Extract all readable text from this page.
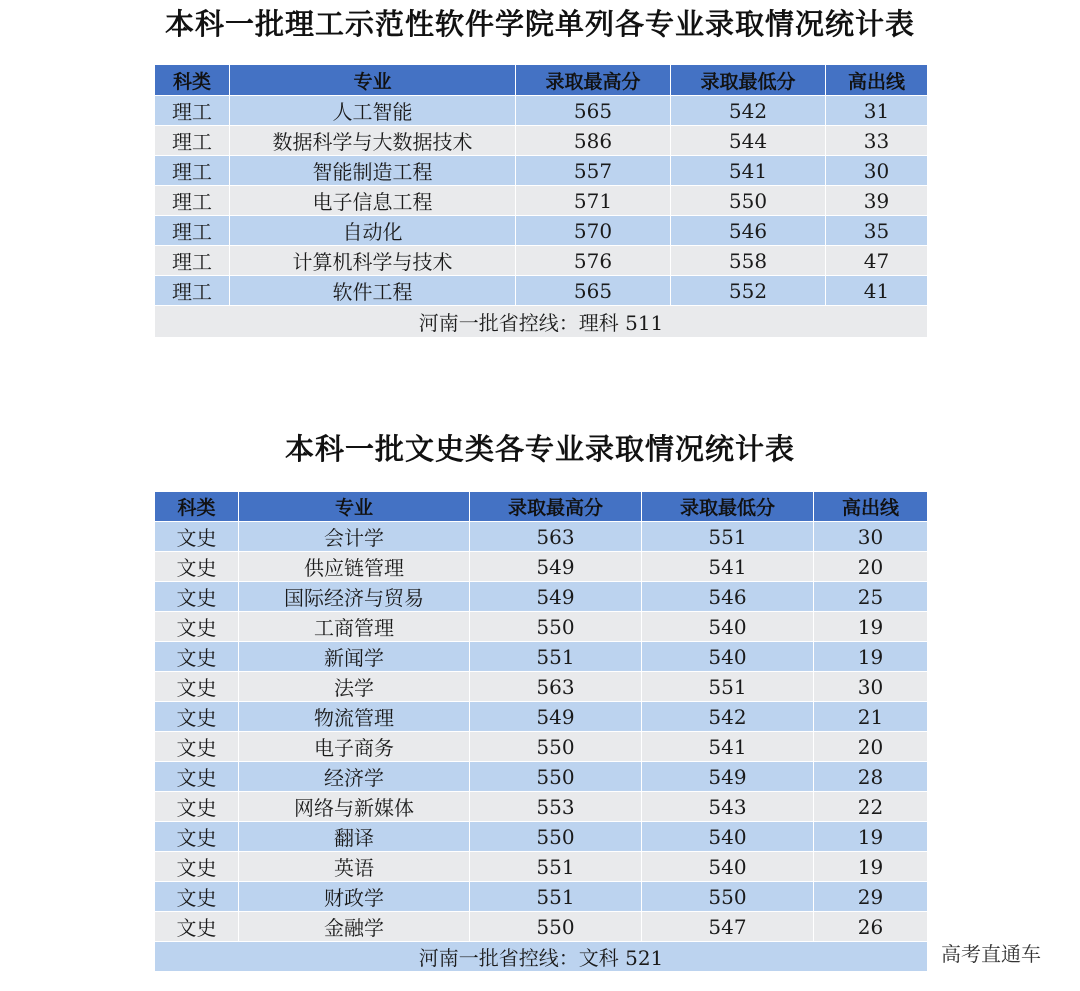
本科一批理工示范性软件学院单列各专业录取情况统计表
科类	专业	录取最高分	录取最低分	高出线
理工	人工智能	565	542	31
理工	数据科学与大数据技术	586	544	33
理工	智能制造工程	557	541	30
理工	电子信息工程	571	550	39
理工	自动化	570	546	35
理工	计算机科学与技术	576	558	47
理工	软件工程	565	552	41
河南一批省控线：理科 511				
本科一批文史类各专业录取情况统计表
科类	专业	录取最高分	录取最低分	高出线
文史	会计学	563	551	30
文史	供应链管理	549	541	20
文史	国际经济与贸易	549	546	25
文史	工商管理	550	540	19
文史	新闻学	551	540	19
文史	法学	563	551	30
文史	物流管理	549	542	21
文史	电子商务	550	541	20
文史	经济学	550	549	28
文史	网络与新媒体	553	543	22
文史	翻译	550	540	19
文史	英语	551	540	19
文史	财政学	551	550	29
文史	金融学	550	547	26
河南一批省控线：文科 521					高考直通车
